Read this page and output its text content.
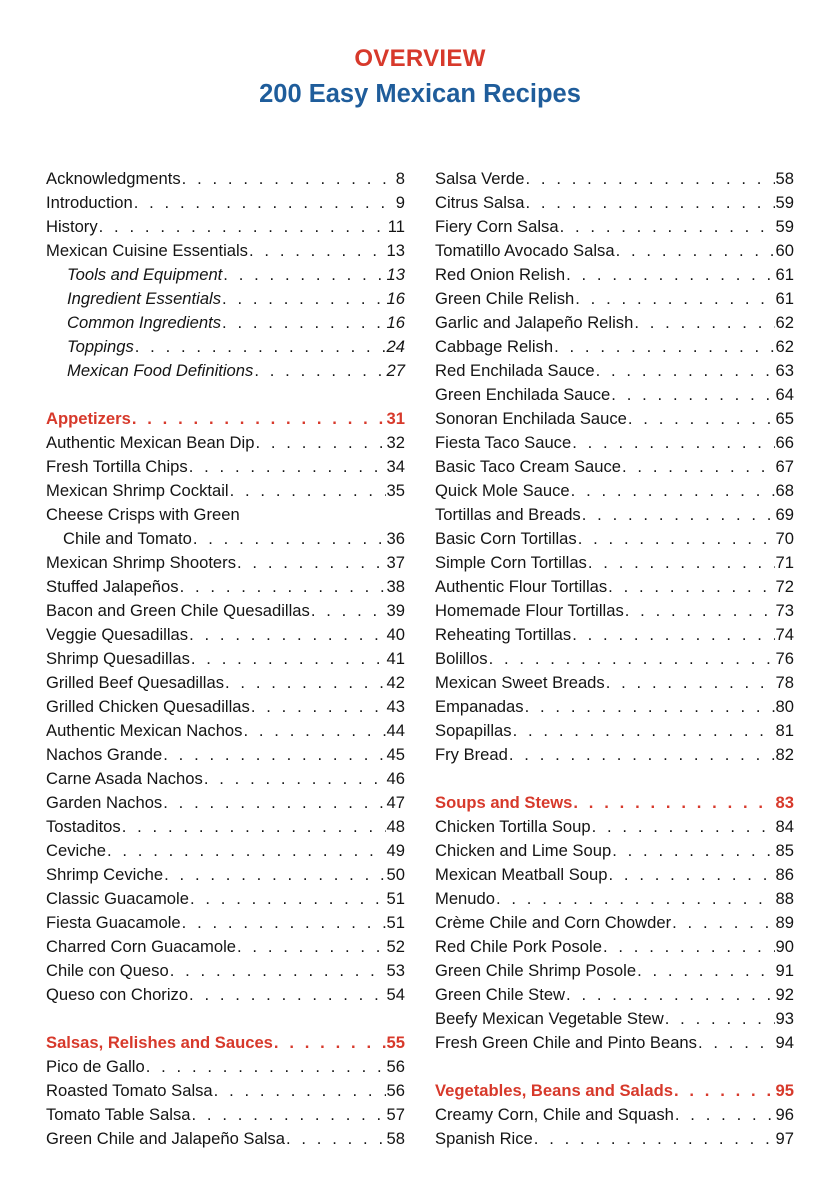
OVERVIEW
200 Easy Mexican Recipes
Acknowledgments . . .	8
Introduction . . .	9
History . . .	11
Mexican Cuisine Essentials . . .	13
Tools and Equipment . . .	13
Ingredient Essentials . . .	16
Common Ingredients . . .	16
Toppings . . .	24
Mexican Food Definitions . . .	27
Appetizers . . .	31
Authentic Mexican Bean Dip . . .	32
Fresh Tortilla Chips . . .	34
Mexican Shrimp Cocktail . . .	35
Cheese Crisps with Green
Chile and Tomato . . .	36
Mexican Shrimp Shooters . . .	37
Stuffed Jalapeños . . .	38
Bacon and Green Chile Quesadillas . . .	39
Veggie Quesadillas . . .	40
Shrimp Quesadillas . . .	41
Grilled Beef Quesadillas . . .	42
Grilled Chicken Quesadillas . . .	43
Authentic Mexican Nachos . . .	44
Nachos Grande . . .	45
Carne Asada Nachos . . .	46
Garden Nachos . . .	47
Tostaditos . . .	48
Ceviche . . .	49
Shrimp Ceviche . . .	50
Classic Guacamole . . .	51
Fiesta Guacamole . . .	51
Charred Corn Guacamole . . .	52
Chile con Queso . . .	53
Queso con Chorizo . . .	54
Salsas, Relishes and Sauces . . .	55
Pico de Gallo . . .	56
Roasted Tomato Salsa . . .	56
Tomato Table Salsa . . .	57
Green Chile and Jalapeño Salsa . . .	58
Salsa Verde . . .	58
Citrus Salsa . . .	59
Fiery Corn Salsa . . .	59
Tomatillo Avocado Salsa . . .	60
Red Onion Relish . . .	61
Green Chile Relish . . .	61
Garlic and Jalapeño Relish . . .	62
Cabbage Relish . . .	62
Red Enchilada Sauce . . .	63
Green Enchilada Sauce . . .	64
Sonoran Enchilada Sauce . . .	65
Fiesta Taco Sauce . . .	66
Basic Taco Cream Sauce . . .	67
Quick Mole Sauce . . .	68
Tortillas and Breads . . .	69
Basic Corn Tortillas . . .	70
Simple Corn Tortillas . . .	71
Authentic Flour Tortillas . . .	72
Homemade Flour Tortillas . . .	73
Reheating Tortillas . . .	74
Bolillos . . .	76
Mexican Sweet Breads . . .	78
Empanadas . . .	80
Sopapillas . . .	81
Fry Bread . . .	82
Soups and Stews . . .	83
Chicken Tortilla Soup . . .	84
Chicken and Lime Soup . . .	85
Mexican Meatball Soup . . .	86
Menudo . . .	88
Crème Chile and Corn Chowder . . .	89
Red Chile Pork Posole . . .	90
Green Chile Shrimp Posole . . .	91
Green Chile Stew . . .	92
Beefy Mexican Vegetable Stew . . .	93
Fresh Green Chile and Pinto Beans . . .	94
Vegetables, Beans and Salads . . .	95
Creamy Corn, Chile and Squash . . .	96
Spanish Rice . . .	97
